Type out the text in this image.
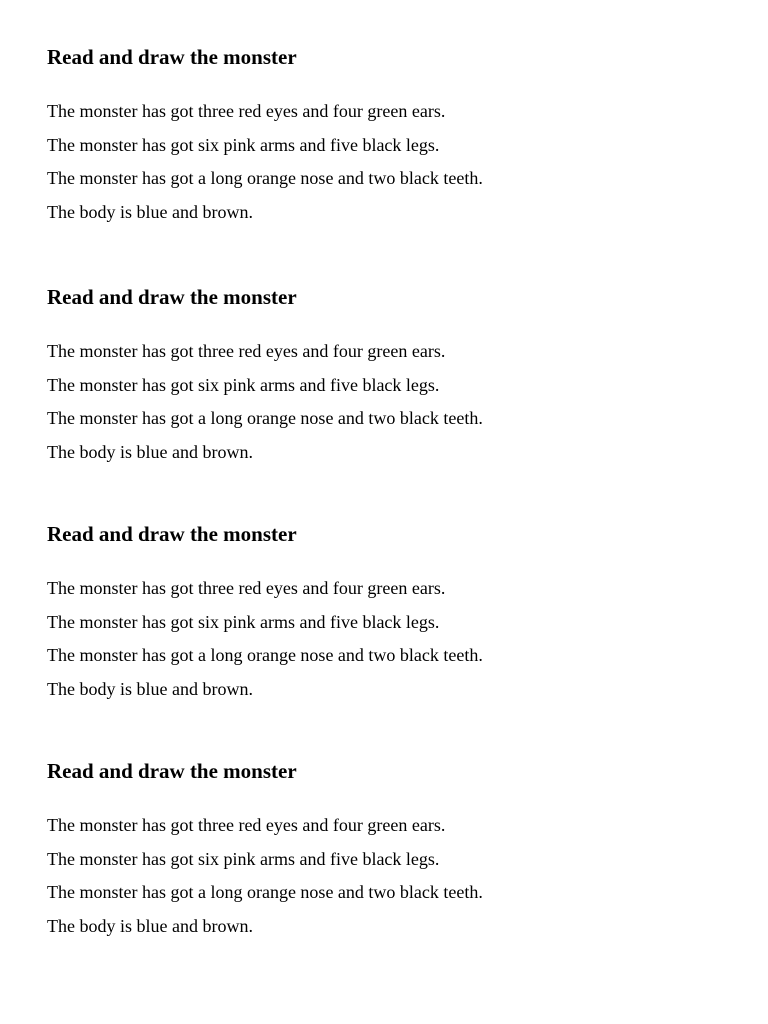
Read and draw the monster

The monster has got three red eyes and four green ears.

The monster has got six pink arms and five black legs.

The monster has got a long orange nose and two black teeth.

The body is blue and brown.

Read and draw the monster

The monster has got three red eyes and four green ears.

The monster has got six pink arms and five black legs.

The monster has got a long orange nose and two black teeth.

The body is blue and brown.

Read and draw the monster

The monster has got three red eyes and four green ears.

The monster has got six pink arms and five black legs.

The monster has got a long orange nose and two black teeth.

The body is blue and brown.

Read and draw the monster

The monster has got three red eyes and four green ears.

The monster has got six pink arms and five black legs.

The monster has got a long orange nose and two black teeth.

The body is blue and brown.
